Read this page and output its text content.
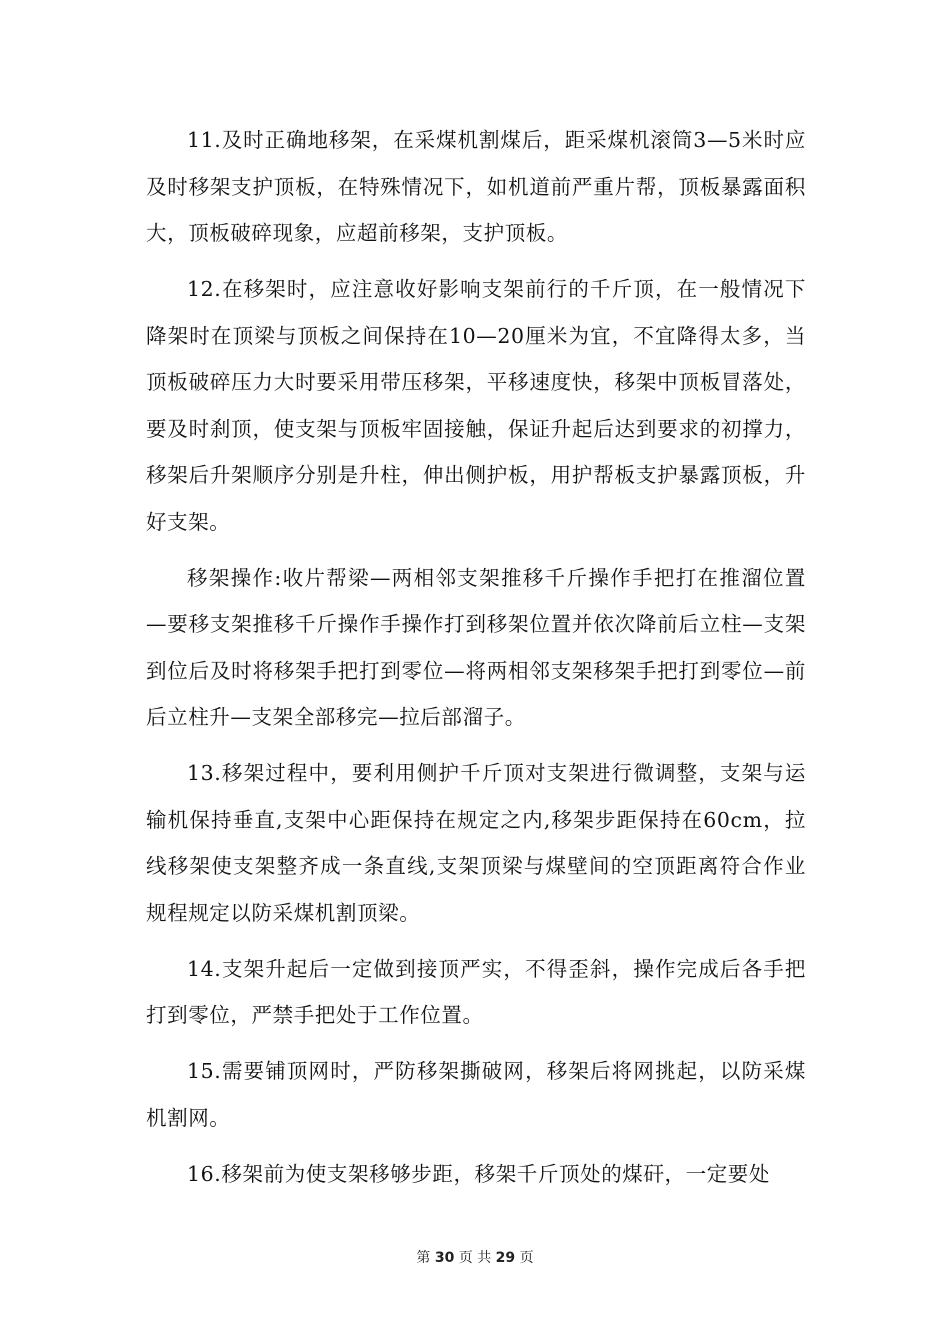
11.及时正确地移架，在采煤机割煤后，距采煤机滚筒3—5米时应及时移架支护顶板，在特殊情况下，如机道前严重片帮，顶板暴露面积大，顶板破碎现象，应超前移架，支护顶板。

12.在移架时，应注意收好影响支架前行的千斤顶，在一般情况下降架时在顶梁与顶板之间保持在10—20厘米为宜，不宜降得太多，当顶板破碎压力大时要采用带压移架，平移速度快，移架中顶板冒落处，要及时刹顶，使支架与顶板牢固接触，保证升起后达到要求的初撑力，移架后升架顺序分别是升柱，伸出侧护板，用护帮板支护暴露顶板，升好支架。

移架操作:收片帮梁—两相邻支架推移千斤操作手把打在推溜位置—要移支架推移千斤操作手操作打到移架位置并依次降前后立柱—支架到位后及时将移架手把打到零位—将两相邻支架移架手把打到零位—前后立柱升—支架全部移完—拉后部溜子。

13.移架过程中，要利用侧护千斤顶对支架进行微调整，支架与运输机保持垂直,支架中心距保持在规定之内,移架步距保持在60cm，拉线移架使支架整齐成一条直线,支架顶梁与煤壁间的空顶距离符合作业规程规定以防采煤机割顶梁。

14.支架升起后一定做到接顶严实，不得歪斜，操作完成后各手把打到零位，严禁手把处于工作位置。

15.需要铺顶网时，严防移架撕破网，移架后将网挑起，以防采煤机割网。

16.移架前为使支架移够步距，移架千斤顶处的煤矸，一定要处

第 30 页 共 29 页
